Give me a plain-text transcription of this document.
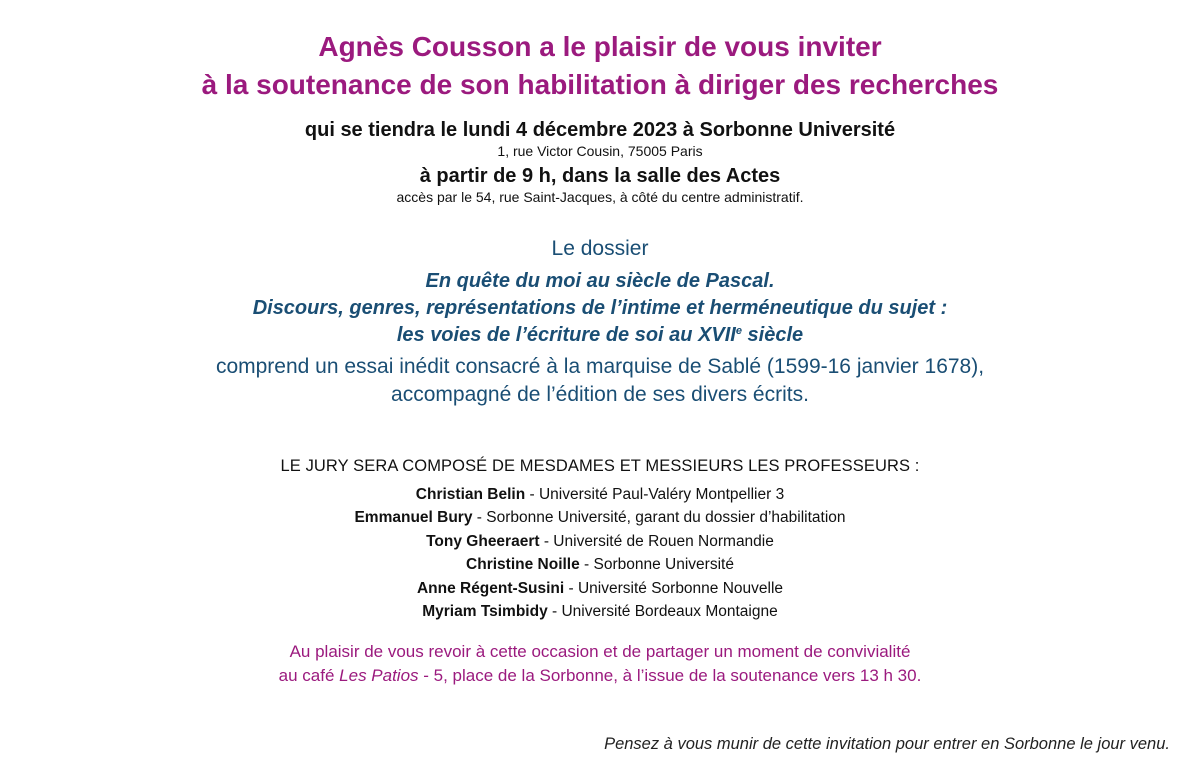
Agnès Cousson a le plaisir de vous inviter
à la soutenance de son habilitation à diriger des recherches
qui se tiendra le lundi 4 décembre 2023 à Sorbonne Université
1, rue Victor Cousin, 75005 Paris
à partir de 9 h, dans la salle des Actes
accès par le 54, rue Saint-Jacques, à côté du centre administratif.
Le dossier
En quête du moi au siècle de Pascal.
Discours, genres, représentations de l’intime et herméneutique du sujet :
les voies de l’écriture de soi au XVIIe siècle
comprend un essai inédit consacré à la marquise de Sablé (1599-16 janvier 1678),
accompagné de l’édition de ses divers écrits.
LE JURY SERA COMPOSÉ DE MESDAMES ET MESSIEURS LES PROFESSEURS :
Christian Belin - Université Paul-Valéry Montpellier 3
Emmanuel Bury - Sorbonne Université, garant du dossier d’habilitation
Tony Gheeraert - Université de Rouen Normandie
Christine Noille - Sorbonne Université
Anne Régent-Susini - Université Sorbonne Nouvelle
Myriam Tsimbidy - Université Bordeaux Montaigne
Au plaisir de vous revoir à cette occasion et de partager un moment de convivialité
au café Les Patios - 5, place de la Sorbonne, à l’issue de la soutenance vers 13 h 30.
Pensez à vous munir de cette invitation pour entrer en Sorbonne le jour venu.
